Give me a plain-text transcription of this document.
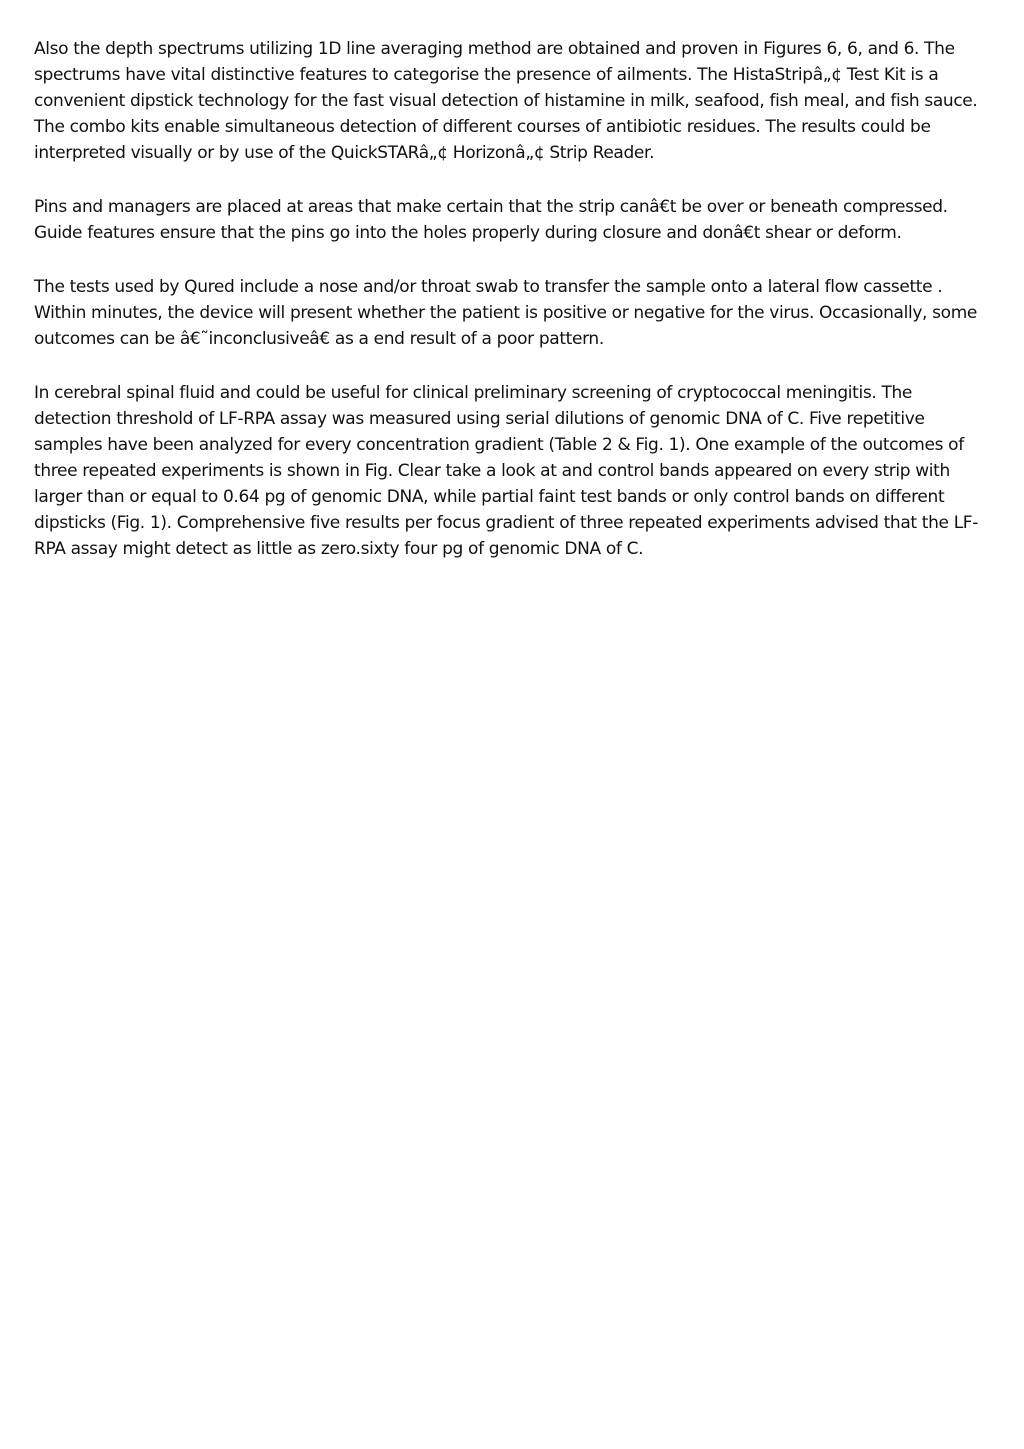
Also the depth spectrums utilizing 1D line averaging method are obtained and proven in Figures 6, 6, and 6. The
spectrums have vital distinctive features to categorise the presence of ailments. The HistaStripâ„¢ Test Kit is a
convenient dipstick technology for the fast visual detection of histamine in milk, seafood, fish meal, and fish sauce.
The combo kits enable simultaneous detection of different courses of antibiotic residues. The results could be
interpreted visually or by use of the QuickSTARâ„¢ Horizonâ„¢ Strip Reader.

Pins and managers are placed at areas that make certain that the strip canâ€t be over or beneath compressed.
Guide features ensure that the pins go into the holes properly during closure and donâ€t shear or deform.

The tests used by Qured include a nose and/or throat swab to transfer the sample onto a lateral flow cassette .
Within minutes, the device will present whether the patient is positive or negative for the virus. Occasionally, some
outcomes can be â€˜inconclusiveâ€ as a end result of a poor pattern.

In cerebral spinal fluid and could be useful for clinical preliminary screening of cryptococcal meningitis. The
detection threshold of LF-RPA assay was measured using serial dilutions of genomic DNA of C. Five repetitive
samples have been analyzed for every concentration gradient (Table 2 & Fig. 1). One example of the outcomes of
three repeated experiments is shown in Fig. Clear take a look at and control bands appeared on every strip with
larger than or equal to 0.64 pg of genomic DNA, while partial faint test bands or only control bands on different
dipsticks (Fig. 1). Comprehensive five results per focus gradient of three repeated experiments advised that the LF-
RPA assay might detect as little as zero.sixty four pg of genomic DNA of C.
